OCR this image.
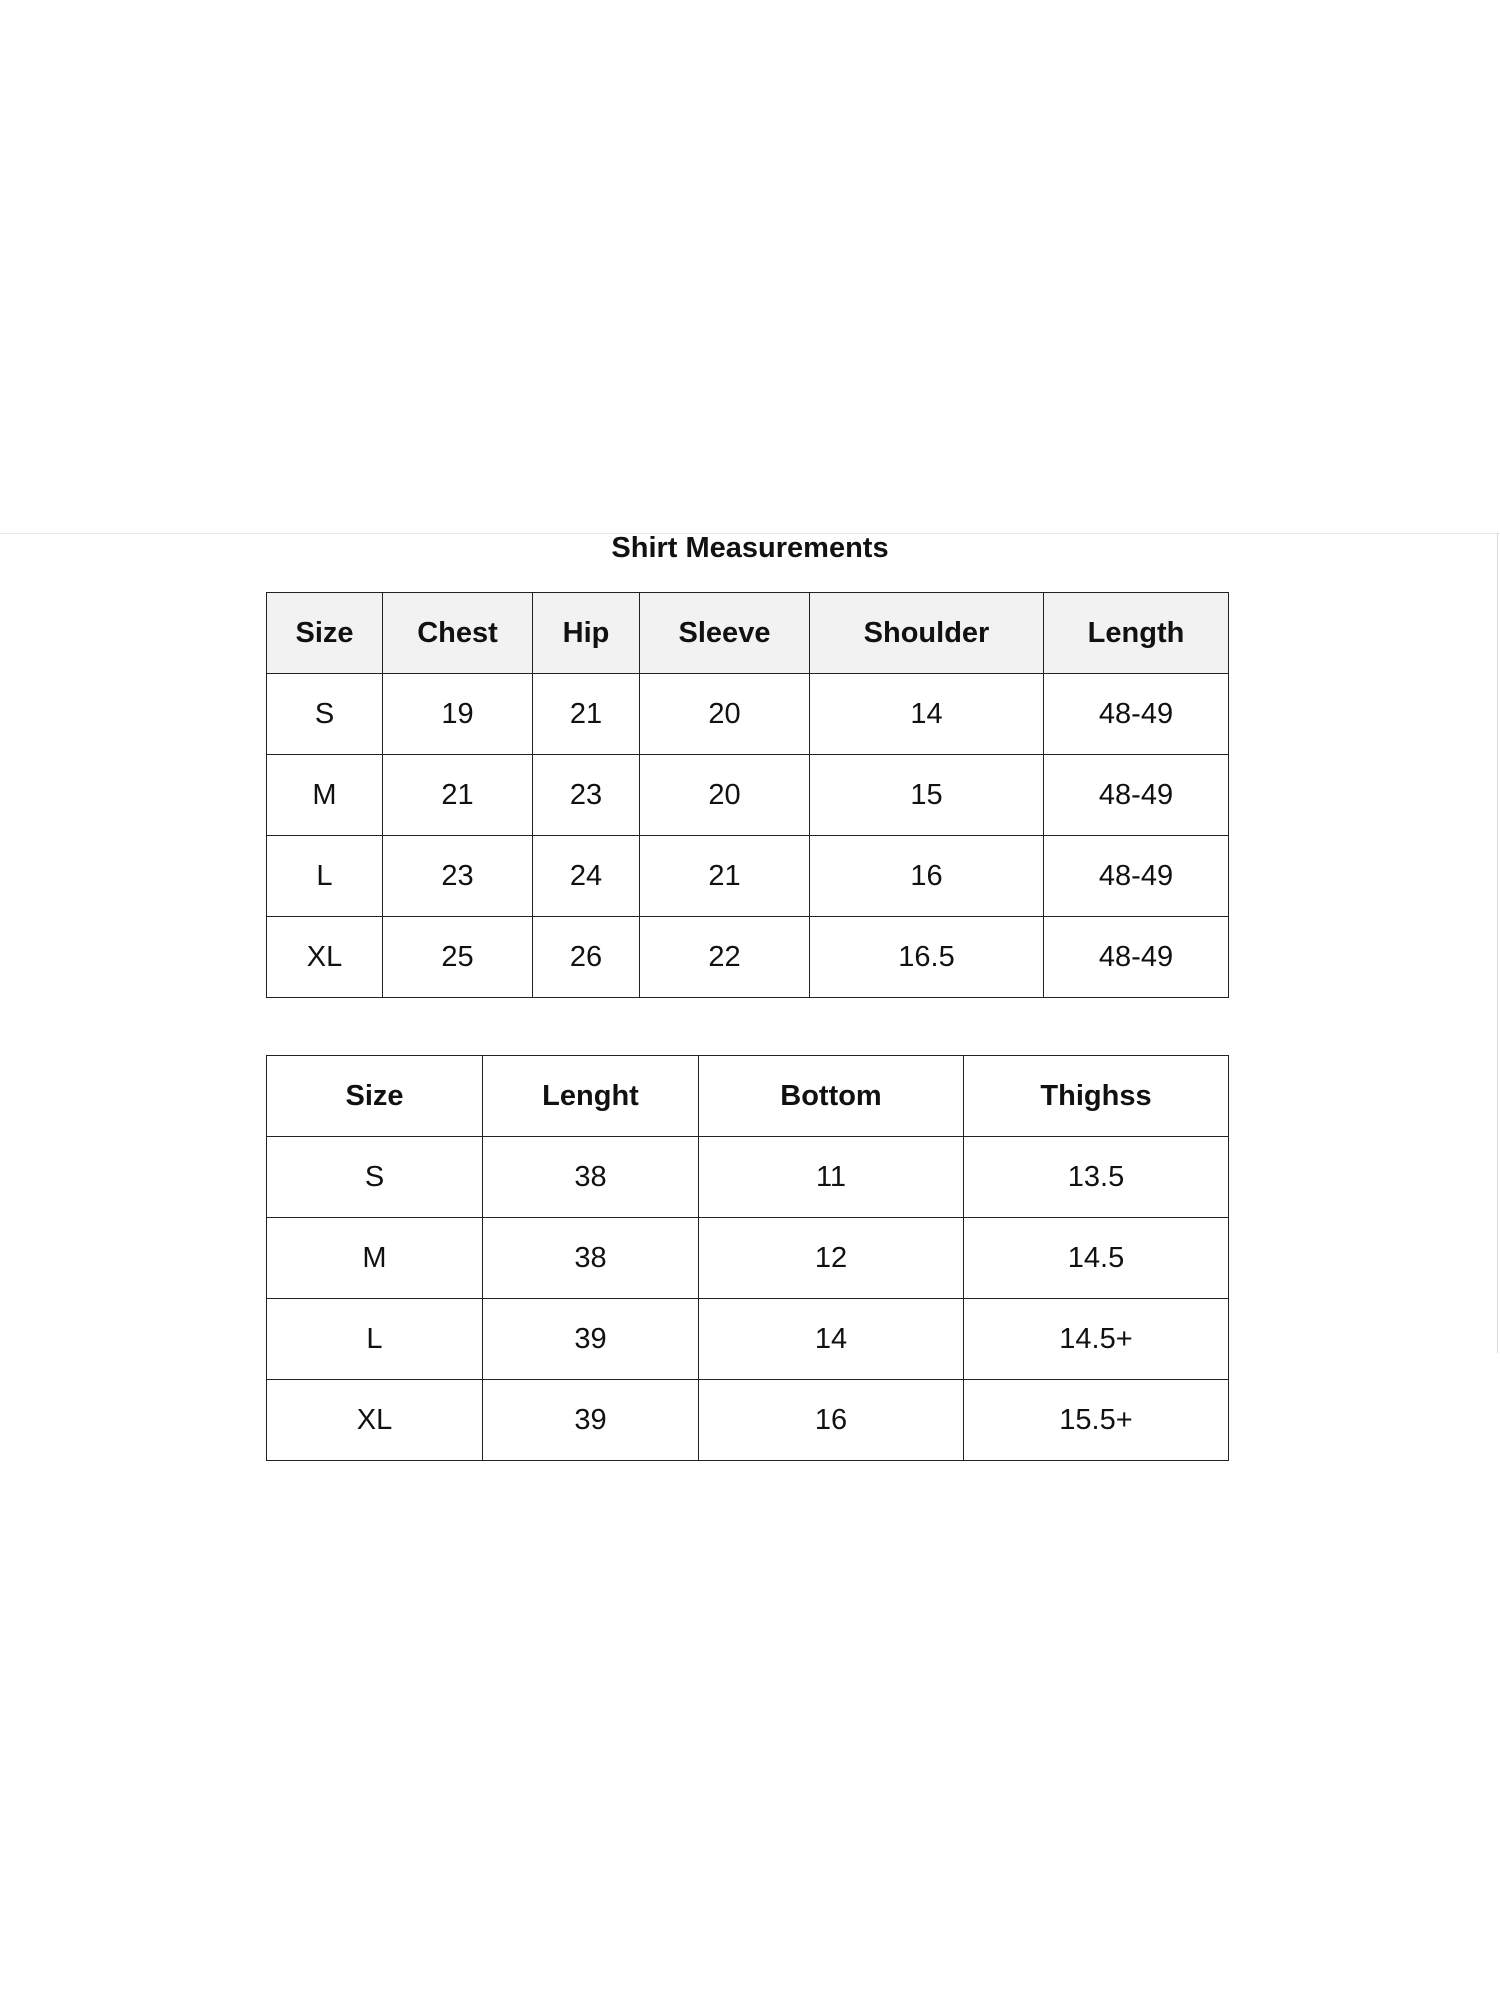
Shirt Measurements
Size	Chest	Hip	Sleeve	Shoulder	Length
S	19	21	20	14	48-49
M	21	23	20	15	48-49
L	23	24	21	16	48-49
XL	25	26	22	16.5	48-49
Size	Lenght	Bottom	Thighss
S	38	11	13.5
M	38	12	14.5
L	39	14	14.5+
XL	39	16	15.5+
